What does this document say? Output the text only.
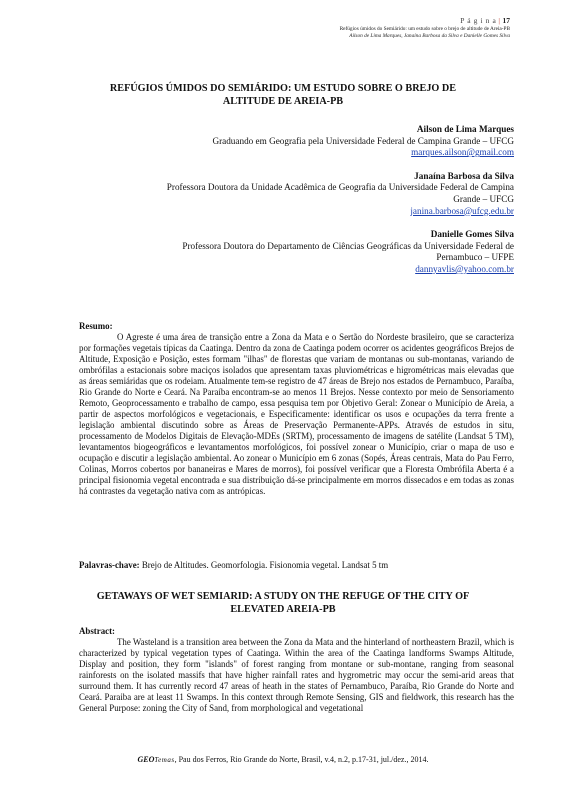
P á g i n a | 17
Refúgios úmidos do Semiárido: um estudo sobre o brejo de altitude de Areia-PB
Ailson de Lima Marques, Janaína Barbosa da Silva e Danielle Gomes Silva
REFÚGIOS ÚMIDOS DO SEMIÁRIDO: UM ESTUDO SOBRE O BREJO DE
ALTITUDE DE AREIA-PB
Ailson de Lima Marques
Graduando em Geografia pela Universidade Federal de Campina Grande – UFCG
marques.ailson@gmail.com
Janaína Barbosa da Silva
Professora Doutora da Unidade Acadêmica de Geografia da Universidade Federal de Campina Grande – UFCG
janina.barbosa@ufcg.edu.br
Danielle Gomes Silva
Professora Doutora do Departamento de Ciências Geográficas da Universidade Federal de Pernambuco – UFPE
dannyavlis@yahoo.com.br
Resumo:
O Agreste é uma área de transição entre a Zona da Mata e o Sertão do Nordeste brasileiro, que se caracteriza por formações vegetais típicas da Caatinga. Dentro da zona de Caatinga podem ocorrer os acidentes geográficos Brejos de Altitude, Exposição e Posição, estes formam "ilhas" de florestas que variam de montanas ou sub-montanas, variando de ombrófilas a estacionais sobre maciços isolados que apresentam taxas pluviométricas e higrométricas mais elevadas que as áreas semiáridas que os rodeiam. Atualmente tem-se registro de 47 áreas de Brejo nos estados de Pernambuco, Paraíba, Rio Grande do Norte e Ceará. Na Paraíba encontram-se ao menos 11 Brejos. Nesse contexto por meio de Sensoriamento Remoto, Geoprocessamento e trabalho de campo, essa pesquisa tem por Objetivo Geral: Zonear o Município de Areia, a partir de aspectos morfológicos e vegetacionais, e Especificamente: identificar os usos e ocupações da terra frente a legislação ambiental discutindo sobre as Áreas de Preservação Permanente-APPs. Através de estudos in situ, processamento de Modelos Digitais de Elevação-MDEs (SRTM), processamento de imagens de satélite (Landsat 5 TM), levantamentos biogeográficos e levantamentos morfológicos, foi possível zonear o Município, criar o mapa de uso e ocupação e discutir a legislação ambiental. Ao zonear o Município em 6 zonas (Sopés, Áreas centrais, Mata do Pau Ferro, Colinas, Morros cobertos por bananeiras e Mares de morros), foi possível verificar que a Floresta Ombrófila Aberta é a principal fisionomia vegetal encontrada e sua distribuição dá-se principalmente em morros dissecados e em todas as zonas há contrastes da vegetação nativa com as antrópicas.
Palavras-chave: Brejo de Altitudes. Geomorfologia. Fisionomia vegetal. Landsat 5 tm
GETAWAYS OF WET SEMIARID: A STUDY ON THE REFUGE OF THE CITY OF
ELEVATED AREIA-PB
Abstract:
The Wasteland is a transition area between the Zona da Mata and the hinterland of northeastern Brazil, which is characterized by typical vegetation types of Caatinga. Within the area of the Caatinga landforms Swamps Altitude, Display and position, they form "islands" of forest ranging from montane or sub-montane, ranging from seasonal rainforests on the isolated massifs that have higher rainfall rates and hygrometric may occur the semi-arid areas that surround them. It has currently record 47 areas of heath in the states of Pernambuco, Paraíba, Rio Grande do Norte and Ceará. Paraiba are at least 11 Swamps. In this context through Remote Sensing, GIS and fieldwork, this research has the General Purpose: zoning the City of Sand, from morphological and vegetational
GEOTemas, Pau dos Ferros, Rio Grande do Norte, Brasil, v.4, n.2, p.17-31, jul./dez., 2014.
